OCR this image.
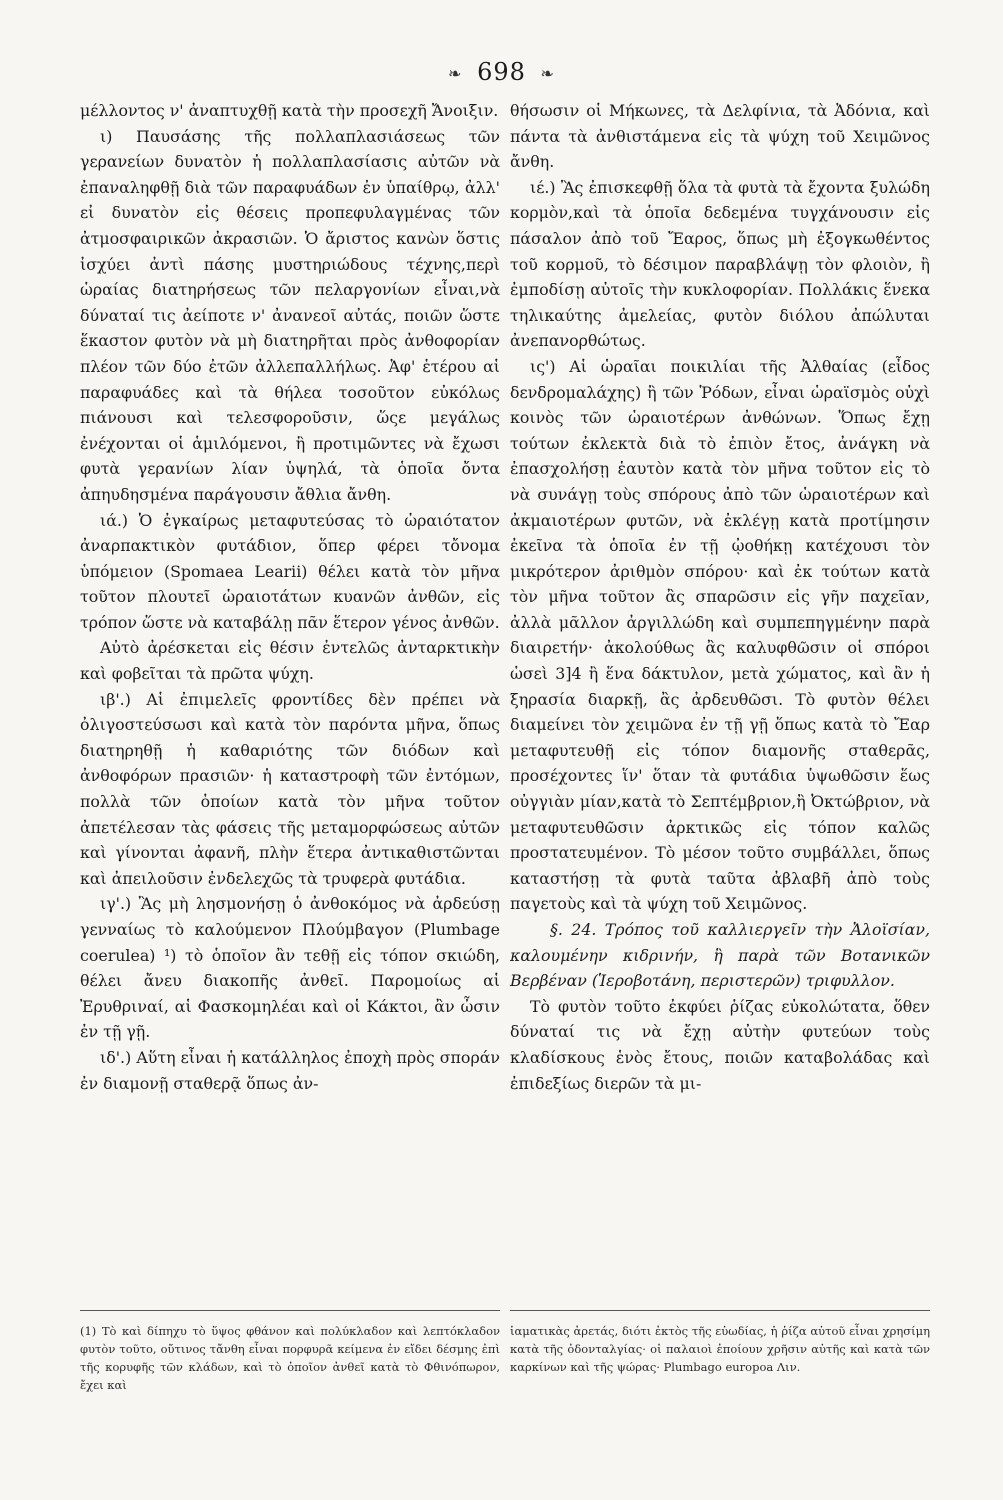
❧ 698 ❧

μέλλοντος ν' ἀναπτυχθῇ κατὰ τὴν προσεχῆ Ἄνοιξιν.

ι) Παυσάσης τῆς πολλαπλασιάσεως τῶν γερανείων δυνατὸν ἡ πολλαπλασίασις αὐτῶν νὰ ἐπαναληφθῇ διὰ τῶν παραφυάδων ἐν ὑπαίθρῳ, ἀλλ' εἰ δυνατὸν εἰς θέσεις προπεφυλαγμένας τῶν ἀτμοσφαιρικῶν ἀκρασιῶν. Ὁ ἄριστος κανὼν ὅστις ἰσχύει ἀντὶ πάσης μυστηριώδους τέχνης,περὶ ὡραίας διατηρήσεως τῶν πελαργονίων εἶναι,νὰ δύναταί τις ἀείποτε ν' ἀνανεοῖ αὐτάς, ποιῶν ὥστε ἕκαστον φυτὸν νὰ μὴ διατηρῆται πρὸς ἀνθοφορίαν πλέον τῶν δύο ἐτῶν ἀλλεπαλλήλως. Ἀφ' ἑτέρου αἱ παραφυάδες καὶ τὰ θήλεα τοσοῦτον εὐκόλως πιάνουσι καὶ τελεσφοροῦσιν, ὥςε μεγάλως ἐνέχονται οἱ ἁμιλόμενοι, ἢ προτιμῶντες νὰ ἔχωσι φυτὰ γερανίων λίαν ὑψηλά, τὰ ὁποῖα ὄντα ἀπηυδησμένα παράγουσιν ἄθλια ἄνθη.

ιά.) Ὁ ἐγκαίρως μεταφυτεύσας τὸ ὡραιότατον ἀναρπακτικὸν φυτάδιον, ὅπερ φέρει τὄνομα ὑπόμειον (Spomaea Learii) θέλει κατὰ τὸν μῆνα τοῦτον πλουτεῖ ὡραιοτάτων κυανῶν ἀνθῶν, εἰς τρόπον ὥστε νὰ καταβάλῃ πᾶν ἕτερον γένος ἀνθῶν.

Αὐτὸ ἀρέσκεται εἰς θέσιν ἐντελῶς ἀνταρκτικὴν καὶ φοβεῖται τὰ πρῶτα ψύχη.

ιβ'.) Αἱ ἐπιμελεῖς φροντίδες δὲν πρέπει νὰ ὀλιγοστεύσωσι καὶ κατὰ τὸν παρόντα μῆνα, ὅπως διατηρηθῇ ἡ καθαριότης τῶν διόδων καὶ ἀνθοφόρων πρασιῶν· ἡ καταστροφὴ τῶν ἐντόμων, πολλὰ τῶν ὁποίων κατὰ τὸν μῆνα τοῦτον ἀπετέλεσαν τὰς φάσεις τῆς μεταμορφώσεως αὐτῶν καὶ γίνονται ἀφανῆ, πλὴν ἕτερα ἀντικαθιστῶνται καὶ ἀπειλοῦσιν ἐνδελεχῶς τὰ τρυφερὰ φυτάδια.

ιγ'.) Ἂς μὴ λησμονήσῃ ὁ ἀνθοκόμος νὰ ἀρδεύσῃ γενναίως τὸ καλούμενον Πλούμβαγον (Plumbage coerulea) ¹) τὸ ὁποῖον ἂν τεθῇ εἰς τόπον σκιώδη, θέλει ἄνευ διακοπῆς ἀνθεῖ. Παρομοίως αἱ Ἐρυθριναί, αἱ Φασκομηλέαι καὶ οἱ Κάκτοι, ἂν ὦσιν ἐν τῇ γῇ.

ιδ'.) Αὕτη εἶναι ἡ κατάλληλος ἐποχὴ πρὸς σποράν ἐν διαμονῇ σταθερᾷ ὅπως ἀν-

θήσωσιν οἱ Μήκωνες, τὰ Δελφίνια, τὰ Ἀδόνια, καὶ πάντα τὰ ἀνθιστάμενα εἰς τὰ ψύχη τοῦ Χειμῶνος ἄνθη.

ιέ.) Ἂς ἐπισκεφθῇ ὅλα τὰ φυτὰ τὰ ἔχοντα ξυλώδη κορμὸν,καὶ τὰ ὁποῖα δεδεμένα τυγχάνουσιν εἰς πάσαλον ἀπὸ τοῦ Ἔαρος, ὅπως μὴ ἐξογκωθέντος τοῦ κορμοῦ, τὸ δέσιμον παραβλάψῃ τὸν φλοιὸν, ἢ ἐμποδίσῃ αὐτοῖς τὴν κυκλοφορίαν. Πολλάκις ἕνεκα τηλικαύτης ἀμελείας, φυτὸν διόλου ἀπώλυται ἀνεπανορθώτως.

ις') Αἱ ὡραῖαι ποικιλίαι τῆς Ἀλθαίας (εἶδος δενδρομαλάχης) ἢ τῶν Ῥόδων, εἶναι ὡραϊσμὸς οὐχὶ κοινὸς τῶν ὡραιοτέρων ἀνθώνων. Ὅπως ἔχῃ τούτων ἐκλεκτὰ διὰ τὸ ἐπιὸν ἔτος, ἀνάγκη νὰ ἐπασχολήσῃ ἑαυτὸν κατὰ τὸν μῆνα τοῦτον εἰς τὸ νὰ συνάγῃ τοὺς σπόρους ἀπὸ τῶν ὡραιοτέρων καὶ ἀκμαιοτέρων φυτῶν, νὰ ἐκλέγῃ κατὰ προτίμησιν ἐκεῖνα τὰ ὁποῖα ἐν τῇ ᾠοθήκῃ κατέχουσι τὸν μικρότερον ἀριθμὸν σπόρου· καὶ ἐκ τούτων κατὰ τὸν μῆνα τοῦτον ἂς σπαρῶσιν εἰς γῆν παχεῖαν, ἀλλὰ μᾶλλον ἀργιλλώδη καὶ συμπεπηγμένην παρὰ διαιρετήν· ἀκολούθως ἂς καλυφθῶσιν οἱ σπόροι ὡσεὶ 3]4 ἢ ἕνα δάκτυλον, μετὰ χώματος, καὶ ἂν ἡ ξηρασία διαρκῇ, ἂς ἀρδευθῶσι. Τὸ φυτὸν θέλει διαμείνει τὸν χειμῶνα ἐν τῇ γῇ ὅπως κατὰ τὸ Ἔαρ μεταφυτευθῇ εἰς τόπον διαμονῆς σταθερᾶς, προσέχοντες ἵν' ὅταν τὰ φυτάδια ὑψωθῶσιν ἕως οὐγγιὰν μίαν,κατὰ τὸ Σεπτέμβριον,ἢ Ὀκτώβριον, νὰ μεταφυτευθῶσιν ἀρκτικῶς εἰς τόπον καλῶς προστατευμένον. Τὸ μέσον τοῦτο συμβάλλει, ὅπως καταστήσῃ τὰ φυτὰ ταῦτα ἀβλαβῆ ἀπὸ τοὺς παγετοὺς καὶ τὰ ψύχη τοῦ Χειμῶνος.

§. 24. Τρόπος τοῦ καλλιεργεῖν τὴν Ἀλοϊσίαν, καλουμένην κιδρινήν, ἢ παρὰ τῶν Βοτανικῶν Βερβέναν (Ἱεροβοτάνη, περιστερῶν) τριφυλλον.

Τὸ φυτὸν τοῦτο ἐκφύει ῥίζας εὐκολώτατα, ὅθεν δύναταί τις νὰ ἔχῃ αὐτὴν φυτεύων τοὺς κλαδίσκους ἑνὸς ἔτους, ποιῶν καταβολάδας καὶ ἐπιδεξίως διερῶν τὰ μι-

(1) Τὸ καὶ δίπηχυ τὸ ὕψος φθάνον καὶ πολύκλαδον καὶ λεπτόκλαδον φυτὸν τοῦτο, οὔτινος τἄνθη εἶναι πορφυρᾶ κείμενα ἐν εἴδει δέσμης ἐπὶ τῆς κορυφῆς τῶν κλάδων, καὶ τὸ ὁποῖον ἀνθεῖ κατὰ τὸ Φθινόπωρον, ἔχει καὶ
ἰαματικὰς ἀρετάς, διότι ἐκτὸς τῆς εὐωδίας, ἡ ῥίζα αὐτοῦ εἶναι χρησίμη κατὰ τῆς ὀδονταλγίας· οἱ παλαιοὶ ἐποίουν χρῆσιν αὐτῆς καὶ κατὰ τῶν καρκίνων καὶ τῆς ψώρας· Plumbago europoa Λιν.
